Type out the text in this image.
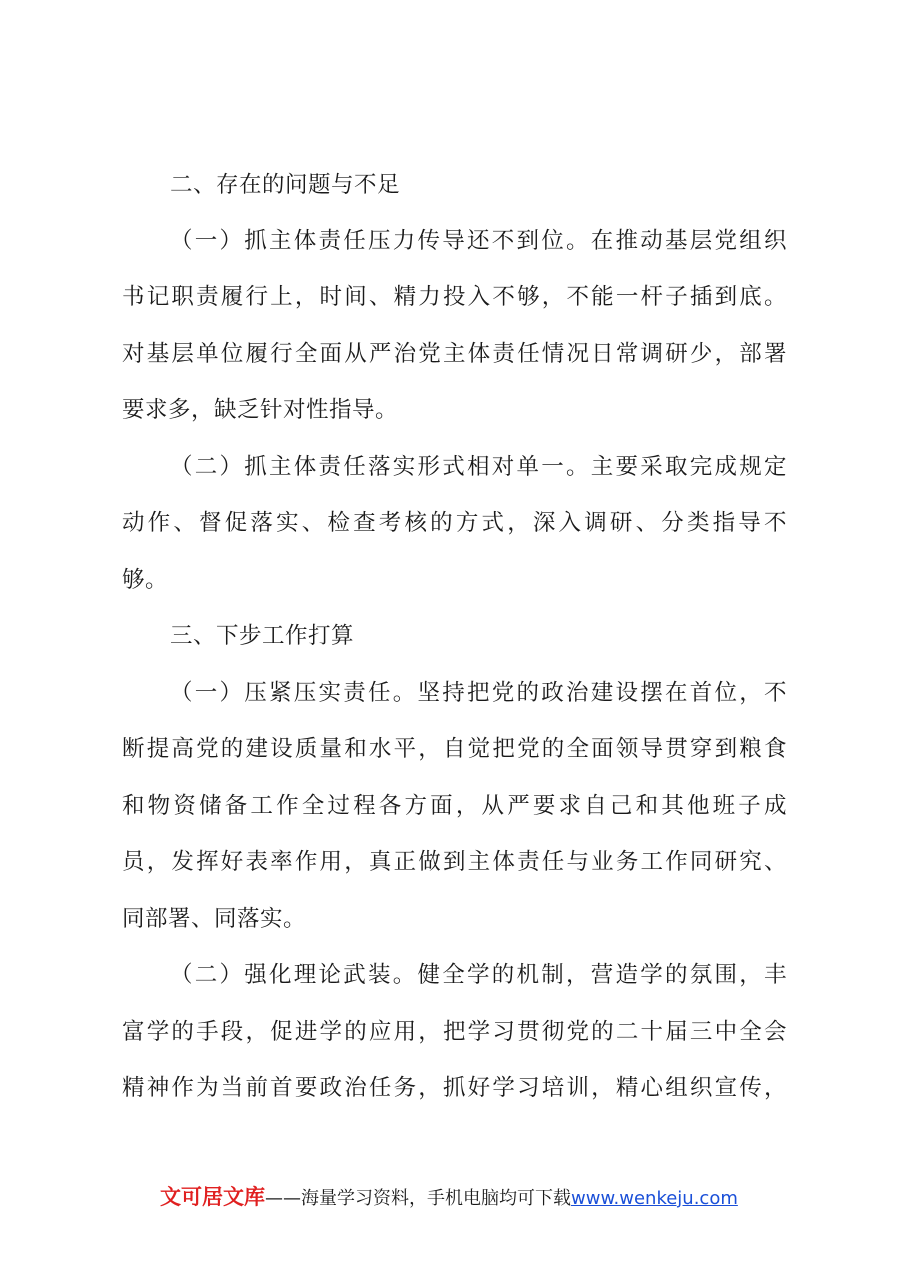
二、存在的问题与不足
（一）抓主体责任压力传导还不到位。在推动基层党组织
书记职责履行上，时间、精力投入不够，不能一杆子插到底。
对基层单位履行全面从严治党主体责任情况日常调研少，部署
要求多，缺乏针对性指导。
（二）抓主体责任落实形式相对单一。主要采取完成规定
动作、督促落实、检查考核的方式，深入调研、分类指导不
够。
三、下步工作打算
（一）压紧压实责任。坚持把党的政治建设摆在首位，不
断提高党的建设质量和水平，自觉把党的全面领导贯穿到粮食
和物资储备工作全过程各方面，从严要求自己和其他班子成
员，发挥好表率作用，真正做到主体责任与业务工作同研究、
同部署、同落实。
（二）强化理论武装。健全学的机制，营造学的氛围，丰
富学的手段，促进学的应用，把学习贯彻党的二十届三中全会
精神作为当前首要政治任务，抓好学习培训，精心组织宣传，
文可居文库——海量学习资料，手机电脑均可下载www.wenkeju.com
